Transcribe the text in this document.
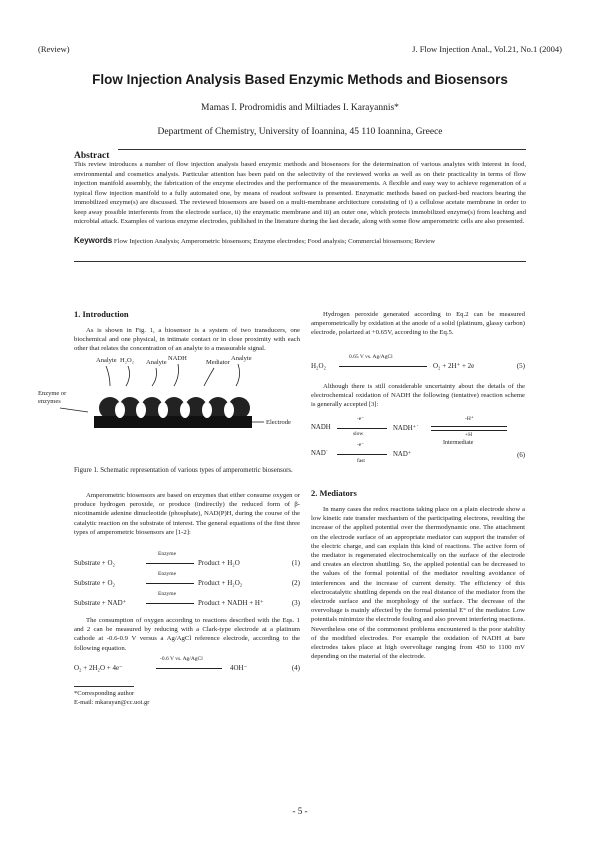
(Review)	J. Flow Injection Anal., Vol.21, No.1 (2004)
Flow Injection Analysis Based Enzymic Methods and Biosensors
Mamas I. Prodromidis and Miltiades I. Karayannis*
Department of Chemistry, University of Ioannina, 45 110 Ioannina, Greece
Abstract
This review introduces a number of flow injection analysis based enzymic methods and biosensors for the determination of various analytes with interest in food, environmental and cosmetics analysis. Particular attention has been paid on the selectivity of the reviewed works as well as on their practicality in terms of flow injection manifold assembly, the fabrication of the enzyme electrodes and the performance of the measurements. A flexible and easy way to achieve regeneration of a typical flow injection manifold to a fully automated one, by means of readout software is presented. Enzymatic methods based on packed-bed reactors bearing the immobilized enzyme(s) are discussed. The reviewed biosensors are based on a multi-membrane architecture consisting of i) a cellulose acetate membrane in order to keep away possible interferents from the electrode surface, ii) the enzymatic membrane and iii) an outer one, which protects immobilized enzyme(s) from leaching and microbial attack. Examples of various enzyme electrodes, published in the literature during the last decade, along with some flow amperometric cells are also presented.
Keywords Flow Injection Analysis; Amperometric biosensors; Enzyme electrodes; Food analysis; Commercial biosensors; Review
1. Introduction
As is shown in Fig. 1, a biosensor is a system of two transducers, one biochemical and one physical, in intimate contact or in close proximity with each other that relates the concentration of an analyte to a measurable signal.
Analyte H₂O₂ Analyte
NADH
Mediator
Analyte
Enzyme or enzymes
Electrode
Figure 1. Schematic representation of various types of amperometric biosensors.
Amperometric biosensors are based on enzymes that either consume oxygen or produce hydrogen peroxide, or produce (indirectly) the reduced form of β-nicotinamide adenine dinucleotide (phosphate), NAD(P)H, during the course of the catalytic reaction on the substrate of interest. The general equations of the first three types of amperometric biosensors are [1-2]:
Substrate + O₂
Enzyme
Product + H₂O	(1)
Substrate + O₂
Enzyme
Product + H₂O₂	(2)
Substrate + NAD⁺
Enzyme
Product + NADH + H⁺	(3)
The consumption of oxygen according to reactions described with the Eqs. 1 and 2 can be measured by reducing with a Clark-type electrode at a platinum cathode at -0.6-0.9 V versus a Ag/AgCl reference electrode, according to the following equation.
O₂ + 2H₂O + 4e⁻
-0.6 V vs. Ag/AgCl
4OH⁻	(4)
*Corresponding author
E-mail: mkarayan@cc.uoi.gr
Hydrogen peroxide generated according to Eq.2 can be measured amperometrically by oxidation at the anode of a solid (platinum, glassy carbon) electrode, polarized at +0.65V, according to the Eq.5.
H₂O₂
0.65 V vs. Ag/AgCl
O₂ + 2H⁺ + 2e	(5)
Although there is still considerable uncertainty about the details of the electrochemical oxidation of NADH the following (tentative) reaction scheme is generally accepted [3]:
NADH
-e⁻
slow
NADH⁺˙
-H⁺
+H
Intermediate
NAD˙
-e⁻
fast
NAD⁺	(6)
2. Mediators
In many cases the redox reactions taking place on a plain electrode show a low kinetic rate transfer mechanism of the participating electrons, resulting the increase of the applied potential over the thermodynamic one. The attachment on the electrode surface of an appropriate mediator can support the transfer of the electric charge, and can explain this kind of reactions. The active form of the mediator is regenerated electrochemically on the surface of the electrode and creates an electron shuttling. So, the applied potential can be decreased to the values of the formal potential of the mediator resulting avoidance of interferences and the increase of current density. The efficiency of this electrocatalytic shuttling depends on the real distance of the mediator from the electrode surface and the morphology of the surface. The decrease of the overvoltage is mainly affected by the formal potential E° of the mediator. Low potentials minimize the electrode fouling and also prevent interfering reactions. Nevertheless one of the commonest problems encountered is the poor stability of the modified electrodes. For example the oxidation of NADH at bare electrodes takes place at high overvoltage ranging from 450 to 1100 mV depending on the material of the electrode.
- 5 -
